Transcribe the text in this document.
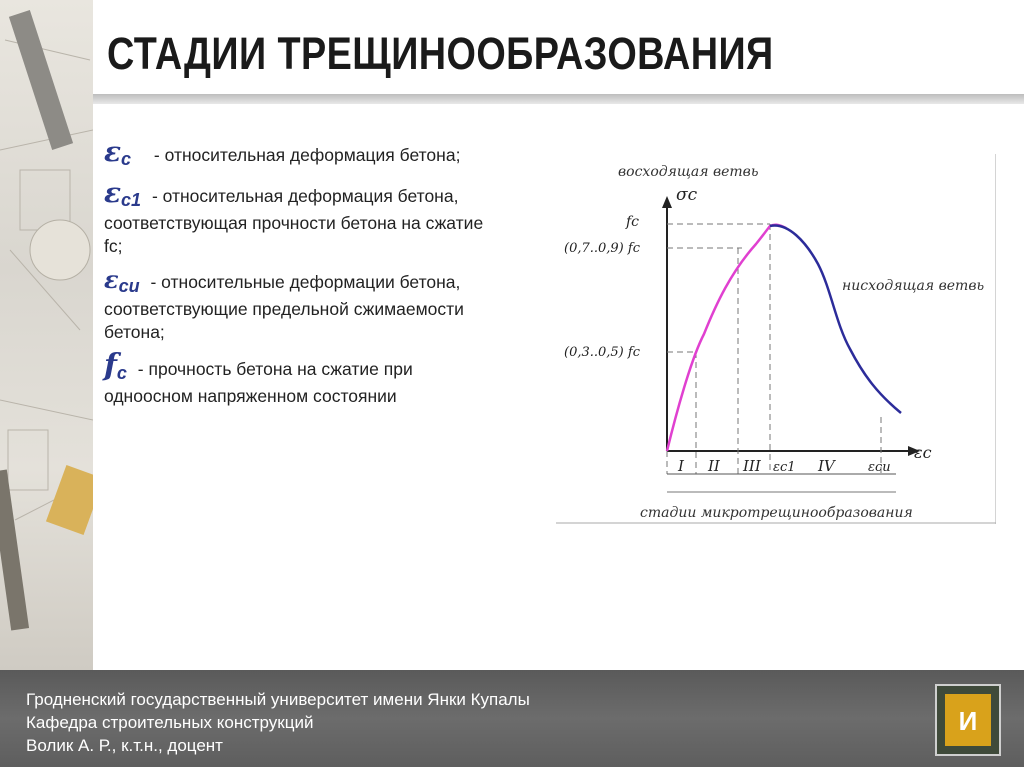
СТАДИИ ТРЕЩИНООБРАЗОВАНИЯ
$\varepsilon_c$ - относительная деформация бетона;
$\varepsilon_{c1}$ - относительная деформация бетона, соответствующая прочности бетона на сжатие fc;
$\varepsilon_{cu}$ - относительные деформации бетона, соответствующие предельной сжимаемости бетона;
$f_c$ - прочность бетона на сжатие при одноосном напряженном состоянии
восходящая ветвь
σc
нисходящая ветвь
εc
fc
(0,7..0,9) fc
(0,3..0,5) fc
I II III εc1 IV	εcu
стадии микротрещинообразования
Гродненский государственный университет имени Янки Купалы
Кафедра строительных конструкций
Волик А. Р., к.т.н., доцент
И
